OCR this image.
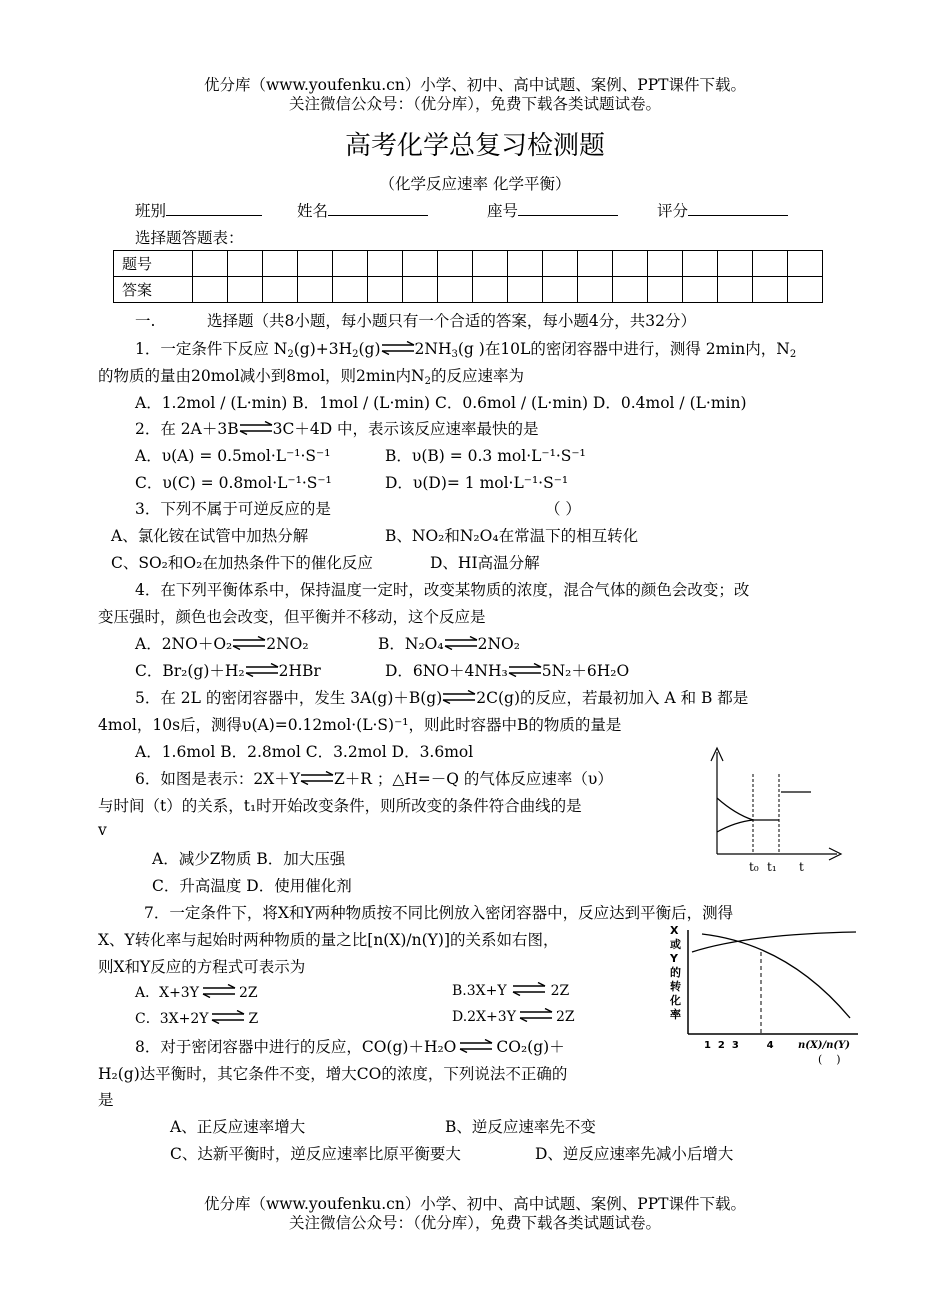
优分库（www.youfenku.cn）小学、初中、高中试题、案例、PPT课件下载。
关注微信公众号：（优分库），免费下载各类试题试卷。
高考化学总复习检测题
（化学反应速率 化学平衡）
班别	姓名	座号	评分
选择题答题表：
题号																		
答案																		
一.	选择题（共8小题，每小题只有一个合适的答案，每小题4分，共32分）
1．一定条件下反应 $N_2(g)+3H_2(g)$ $2NH_3(g$ )在10L的密闭容器中进行，测得 2min内，$N_2$
的物质的量由20mol减小到8mol，则2min内$N_2$的反应速率为
A．1.2mol / (L·min) B．1mol / (L·min) C．0.6mol / (L·min) D．0.4mol / (L·min)
2．在 2A＋3B 3C＋4D 中，表示该反应速率最快的是
A．υ(A) = 0.5mol·L⁻¹·S⁻¹	B．υ(B) = 0.3 mol·L⁻¹·S⁻¹
C．υ(C) = 0.8mol·L⁻¹·S⁻¹	D．υ(D)= 1 mol·L⁻¹·S⁻¹
3．下列不属于可逆反应的是	（ ）
A、氯化铵在试管中加热分解	B、NO₂和N₂O₄在常温下的相互转化
C、SO₂和O₂在加热条件下的催化反应	D、HI高温分解
4．在下列平衡体系中，保持温度一定时，改变某物质的浓度，混合气体的颜色会改变；改
变压强时，颜色也会改变，但平衡并不移动，这个反应是
A．2NO＋O₂ 2NO₂	B．N₂O₄ 2NO₂
C．Br₂(g)＋H₂ 2HBr	D．6NO＋4NH₃ 5N₂＋6H₂O
5．在 2L 的密闭容器中，发生 3A(g)＋B(g) 2C(g)的反应，若最初加入 A 和 B 都是
4mol，10s后，测得υ(A)=0.12mol·(L·S)⁻¹，则此时容器中B的物质的量是
A．1.6mol B．2.8mol C．3.2mol D．3.6mol
6．如图是表示：2X＋Y Z＋R ；△H=－Q 的气体反应速率（υ）
与时间（t）的关系，t₁时开始改变条件，则所改变的条件符合曲线的是
v
A．减少Z物质 B．加大压强
C．升高温度 D．使用催化剂
t₀ t₁ t
7．一定条件下，将X和Y两种物质按不同比例放入密闭容器中，反应达到平衡后，测得
X、Y转化率与起始时两种物质的量之比[n(X)/n(Y)]的关系如右图，
则X和Y反应的方程式可表示为
A．X+3Y	2Z	B.3X+Y	2Z
C．3X+2Y	Z	D.2X+3Y	2Z
X 或 Y 的转化率
1  2  3        4 n(X)/n(Y)
(    )
8．对于密闭容器中进行的反应，CO(g)＋H₂O	CO₂(g)＋
H₂(g)达平衡时，其它条件不变，增大CO的浓度，下列说法不正确的
是
A、正反应速率增大	B、逆反应速率先不变
C、达新平衡时，逆反应速率比原平衡要大	D、逆反应速率先减小后增大
优分库（www.youfenku.cn）小学、初中、高中试题、案例、PPT课件下载。
关注微信公众号：（优分库），免费下载各类试题试卷。
